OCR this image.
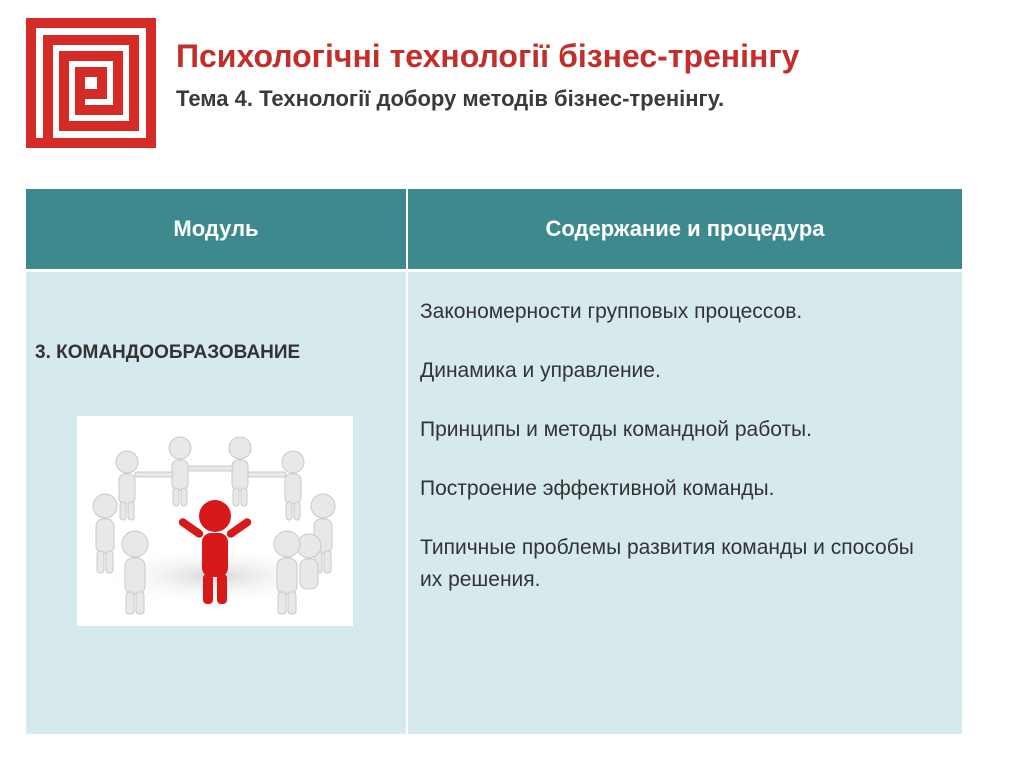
Психологічні технології бізнес-тренінгу
Тема 4. Технології добору методів бізнес-тренінгу.
Модуль	Содержание и процедура
3. КОМАНДООБРАЗОВАНИЕ
Закономерности групповых процессов.
Динамика и управление.
Принципы и методы командной работы.
Построение эффективной команды.
Типичные проблемы развития команды и способы их решения.
